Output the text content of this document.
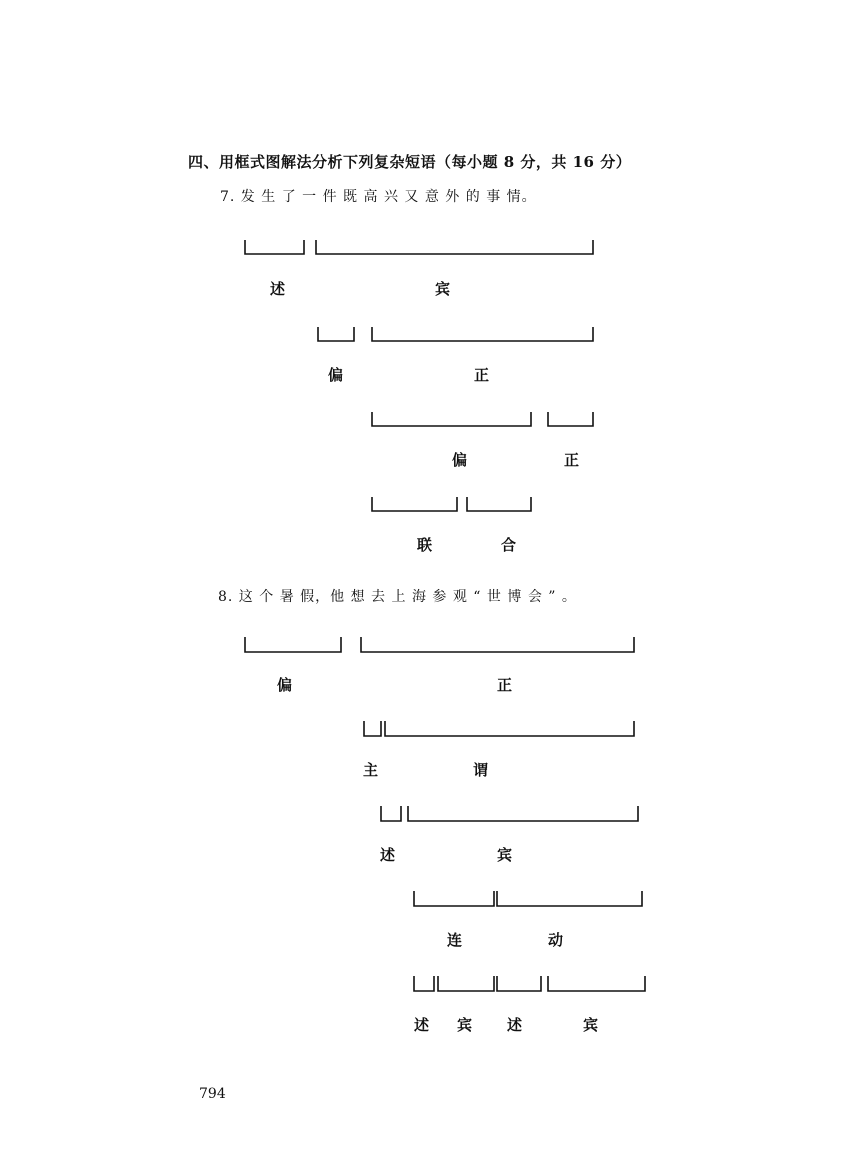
四、用框式图解法分析下列复杂短语（每小题 8 分，共 16 分）
7. 发 生 了 一 件 既 高 兴 又 意 外 的 事 情。
述	宾
偏	正
偏	正
联	合
8. 这 个 暑 假，他 想 去 上 海 参 观 “ 世 博 会 ” 。
偏	正
主	谓
述	宾
连	动
述 宾 述	宾
794
